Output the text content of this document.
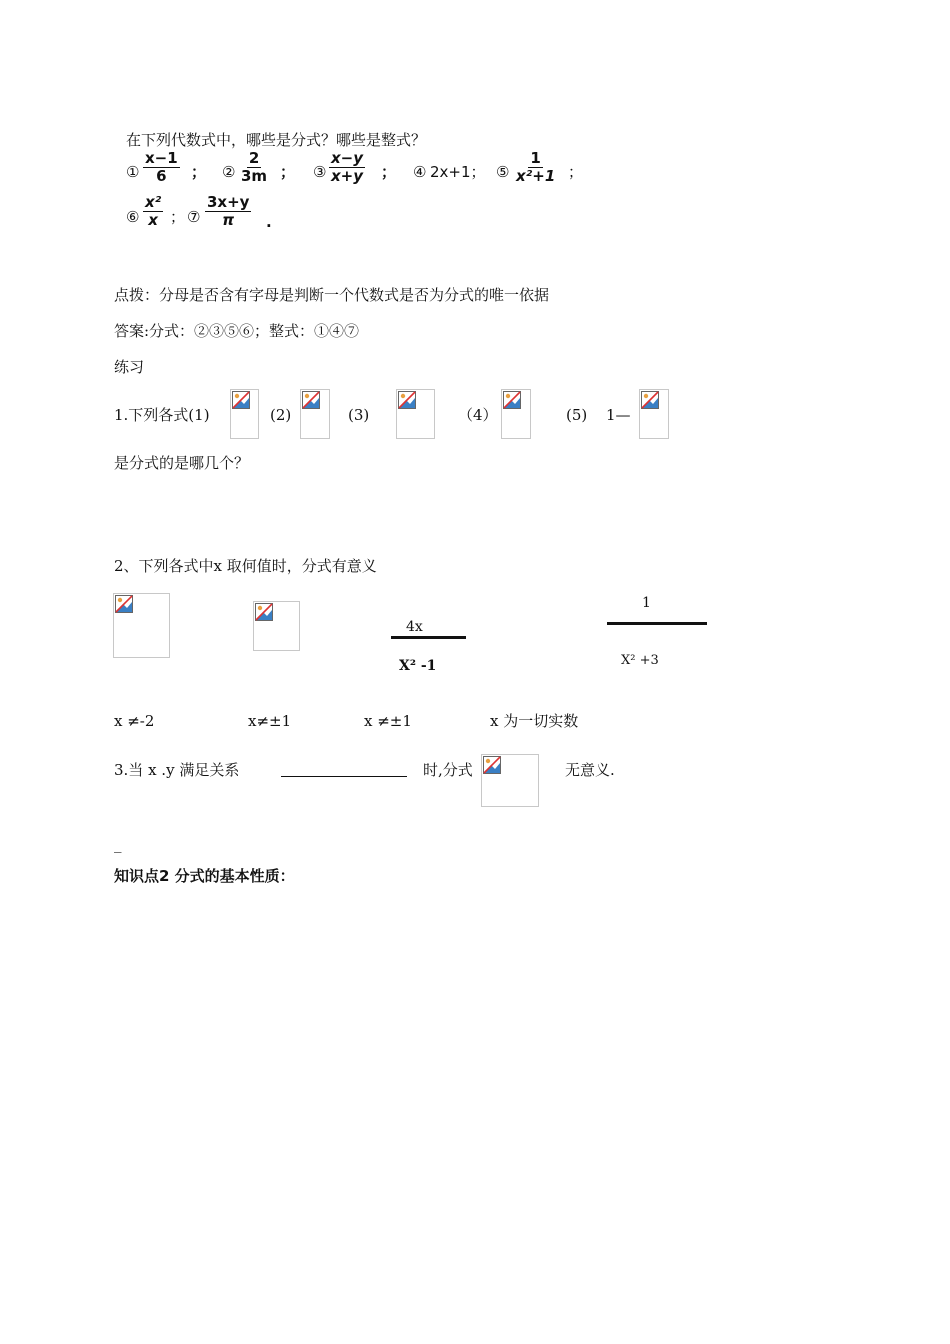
在下列代数式中，哪些是分式？哪些是整式？
① $\frac{x-1}{6}$ ； ② $\frac{2}{3m}$ ； ③ $\frac{x-y}{x+y}$ ； ④ 2x+1； ⑤ $\frac{1}{\text{x²+1}}$ ；
⑥ $\frac{\text{x²}}{x}$ ； ⑦ $\frac{3x+y}{\pi}$ .
点拨：分母是否含有字母是判断一个代数式是否为分式的唯一依据
答案:分式：②③⑤⑥；整式：①④⑦
练习
1.下列各式(1)	(2)	(3)	（4）	(5) 1—
是分式的是哪几个？
2、下列各式中x 取何值时，分式有意义
4x
X² -1
1
X² +3
x ≠-2	x≠±1	x ≠±1	x 为一切实数
3.当 x .y 满足关系	时,分式	无意义.
_
知识点2 分式的基本性质：
